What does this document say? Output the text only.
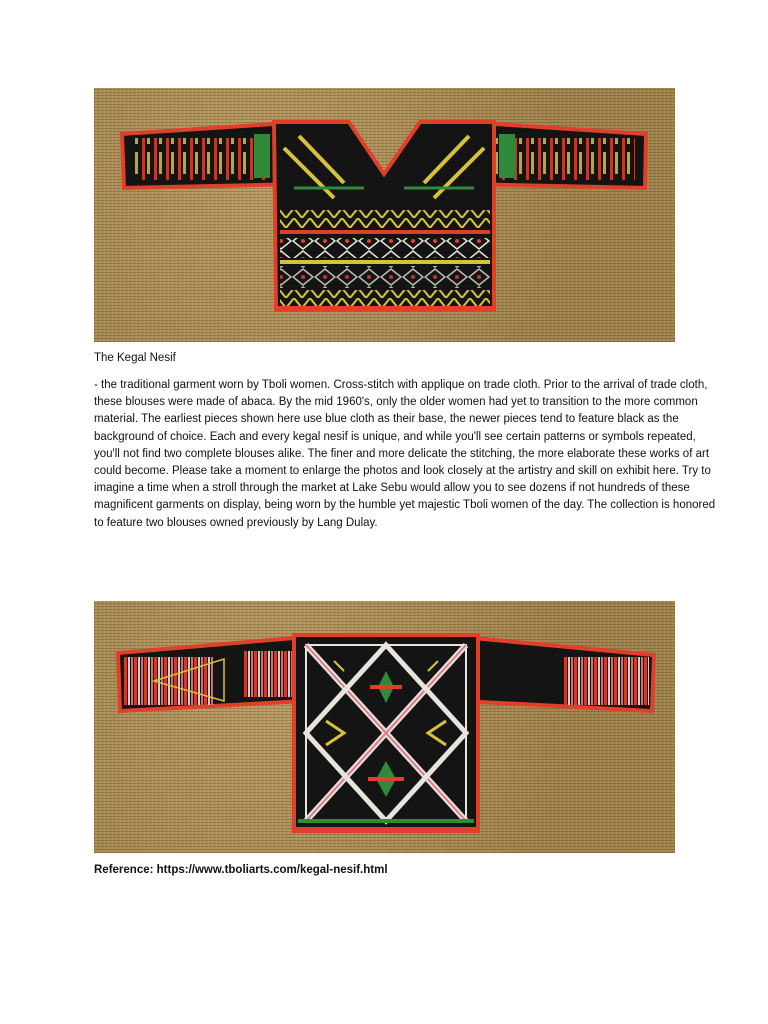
The Kegal Nesif

- the traditional garment worn by Tboli women. Cross-stitch with applique on trade cloth. Prior to the arrival of trade cloth, these blouses were made of abaca. By the mid 1960's, only the older women had yet to transition to the more common material. The earliest pieces shown here use blue cloth as their base, the newer pieces tend to feature black as the background of choice. Each and every kegal nesif is unique, and while you'll see certain patterns or symbols repeated, you'll not find two complete blouses alike. The finer and more delicate the stitching, the more elaborate these works of art could become. Please take a moment to enlarge the photos and look closely at the artistry and skill on exhibit here. Try to imagine a time when a stroll through the market at Lake Sebu would allow you to see dozens if not hundreds of these magnificent garments on display, being worn by the humble yet majestic Tboli women of the day. The collection is honored to feature two blouses owned previously by Lang Dulay.

Reference: https://www.tboliarts.com/kegal-nesif.html
